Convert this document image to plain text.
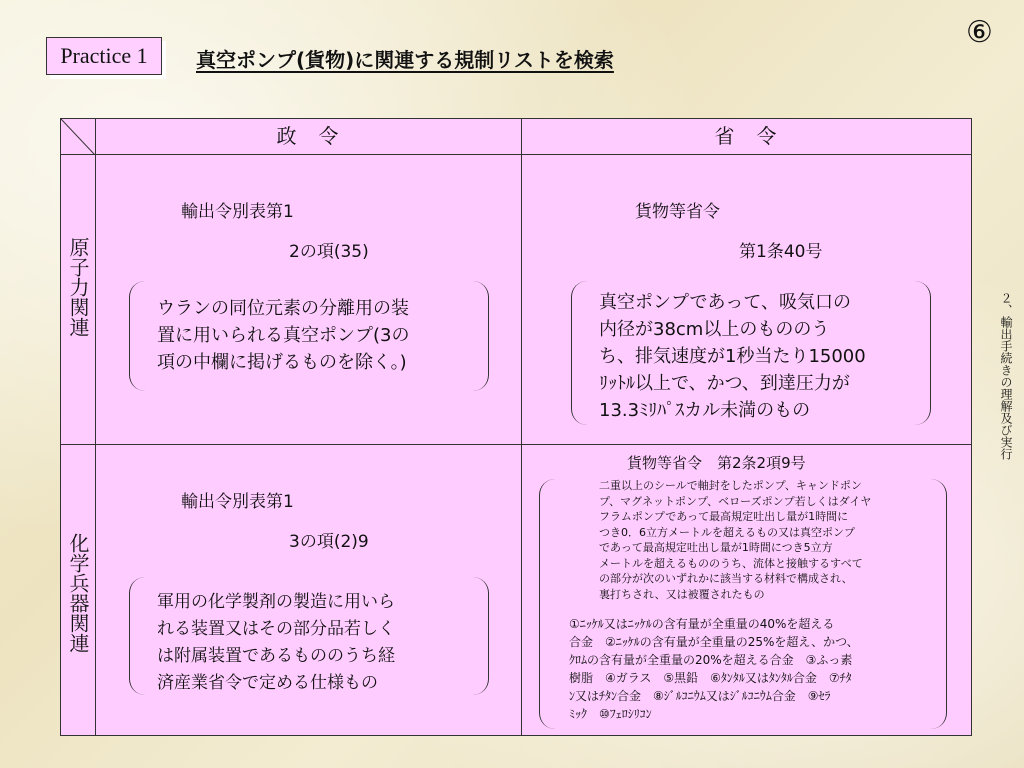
Practice 1	真空ポンプ(貨物)に関連する規制リストを検索
⑥
２、輸出手続きの理解及び実行
政　令	省　令
原子力関連
化学兵器関連
輸出令別表第1
2の項(35)
ウランの同位元素の分離用の装
置に用いられる真空ポンプ(3の
項の中欄に掲げるものを除く。)
貨物等省令
第1条40号
真空ポンプであって、吸気口の
内径が38cm以上のもののう
ち、排気速度が1秒当たり15000
ﾘｯﾄﾙ以上で、かつ、到達圧力が
13.3ﾐﾘﾊﾟｽカル未満のもの
輸出令別表第1
3の項(2)9
軍用の化学製剤の製造に用いら
れる装置又はその部分品若しく
は附属装置であるもののうち経
済産業省令で定める仕様もの
貨物等省令　第2条2項9号
二重以上のシールで軸封をしたポンプ、キャンドポン
プ、マグネットポンプ、ベローズポンプ若しくはダイヤ
フラムポンプであって最高規定吐出し量が1時間に
つき0．6立方メートルを超えるもの又は真空ポンプ
であって最高規定吐出し量が1時間につき5立方
メートルを超えるもののうち、流体と接触するすべて
の部分が次のいずれかに該当する材料で構成され、
裏打ちされ、又は被覆されたもの
①ﾆｯｹﾙ又はﾆｯｹﾙの含有量が全重量の40%を超える
合金　②ﾆｯｹﾙの含有量が全重量の25%を超え、かつ、
ｸﾛﾑの含有量が全重量の20%を超える合金　③ふっ素
樹脂　④ガラス　⑤黒鉛　⑥ﾀﾝﾀﾙ又はﾀﾝﾀﾙ合金　⑦ﾁﾀ
ﾝ又はﾁﾀﾝ合金　⑧ｼﾞﾙｺﾆｳﾑ又はｼﾞﾙｺﾆｳﾑ合金　⑨ｾﾗ
ﾐｯｸ　⑩ﾌｪﾛｼﾘｺﾝ
